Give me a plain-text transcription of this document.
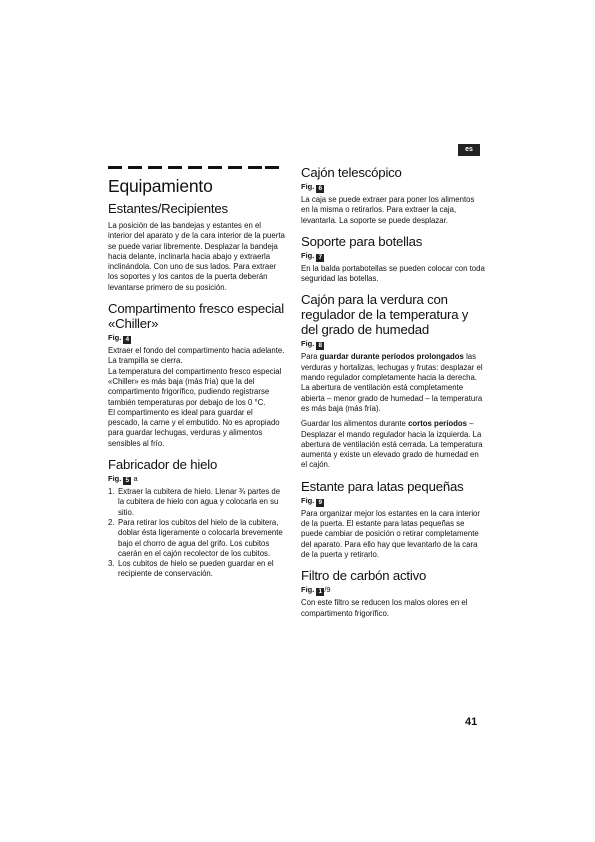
es
Equipamiento
Estantes/Recipientes

La posición de las bandejas y estantes en el interior del aparato y de la cara interior de la puerta se puede variar libremente. Desplazar la bandeja hacia delante, inclinarla hacia abajo y extraerla inclinándola. Con uno de sus lados. Para extraer los soportes y los cantos de la puerta deberán levantarse primero de su posición.

Compartimento fresco especial «Chiller»
Fig. 4

Extraer el fondo del compartimento hacia adelante. La trampilla se cierra.

La temperatura del compartimento fresco especial «Chiller» es más baja (más fría) que la del compartimento frigorífico, pudiendo registrarse también temperaturas por debajo de los 0 °C.

El compartimento es ideal para guardar el pescado, la carne y el embutido. No es apropiado para guardar lechugas, verduras y alimentos sensibles al frío.

Fabricador de hielo
Fig. 5 a
1. Extraer la cubitera de hielo. Llenar ¾ partes de la cubitera de hielo con agua y colocarla en su sitio.
2. Para retirar los cubitos del hielo de la cubitera, doblar ésta ligeramente o colocarla brevemente bajo el chorro de agua del grifo. Los cubitos caerán en el cajón recolector de los cubitos.
3. Los cubitos de hielo se pueden guardar en el recipiente de conservación.
Cajón telescópico
Fig. 6

La caja se puede extraer para poner los alimentos en la misma o retirarlos. Para extraer la caja, levantarla. La soporte se puede desplazar.

Soporte para botellas
Fig. 7

En la balda portabotellas se pueden colocar con toda seguridad las botellas.

Cajón para la verdura con regulador de la temperatura y del grado de humedad
Fig. 8

Para guardar durante períodos prolongados las verduras y hortalizas, lechugas y frutas: desplazar el mando regulador completamente hacia la derecha. La abertura de ventilación está completamente abierta – menor grado de humedad – la temperatura es más baja (más fría).

Guardar los alimentos durante cortos períodos – Desplazar el mando regulador hacia la izquierda. La abertura de ventilación está cerrada. La temperatura aumenta y existe un elevado grado de humedad en el cajón.

Estante para latas pequeñas
Fig. 9

Para organizar mejor los estantes en la cara interior de la puerta. El estante para latas pequeñas se puede cambiar de posición o retirar completamente del aparato. Para ello hay que levantarlo de la cara de la puerta y retirarlo.

Filtro de carbón activo
Fig. 1 /9

Con este filtro se reducen los malos olores en el compartimento frigorífico.

41
